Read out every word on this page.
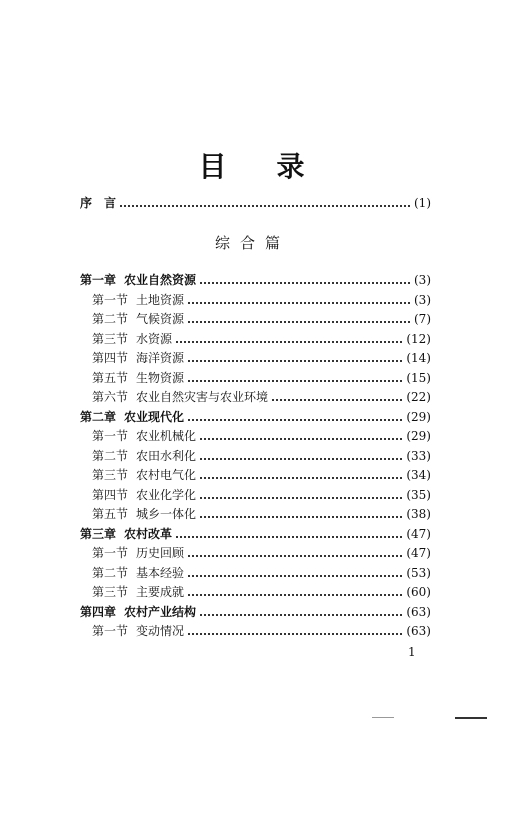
目 录
序　言	(1)
综合篇
第一章 农业自然资源	(3)
第一节 土地资源	(3)
第二节 气候资源	(7)
第三节 水资源	(12)
第四节 海洋资源	(14)
第五节 生物资源	(15)
第六节 农业自然灾害与农业环境	(22)
第二章 农业现代化	(29)
第一节 农业机械化	(29)
第二节 农田水利化	(33)
第三节 农村电气化	(34)
第四节 农业化学化	(35)
第五节 城乡一体化	(38)
第三章 农村改革	(47)
第一节 历史回顾	(47)
第二节 基本经验	(53)
第三节 主要成就	(60)
第四章 农村产业结构	(63)
第一节 变动情况	(63)
1
